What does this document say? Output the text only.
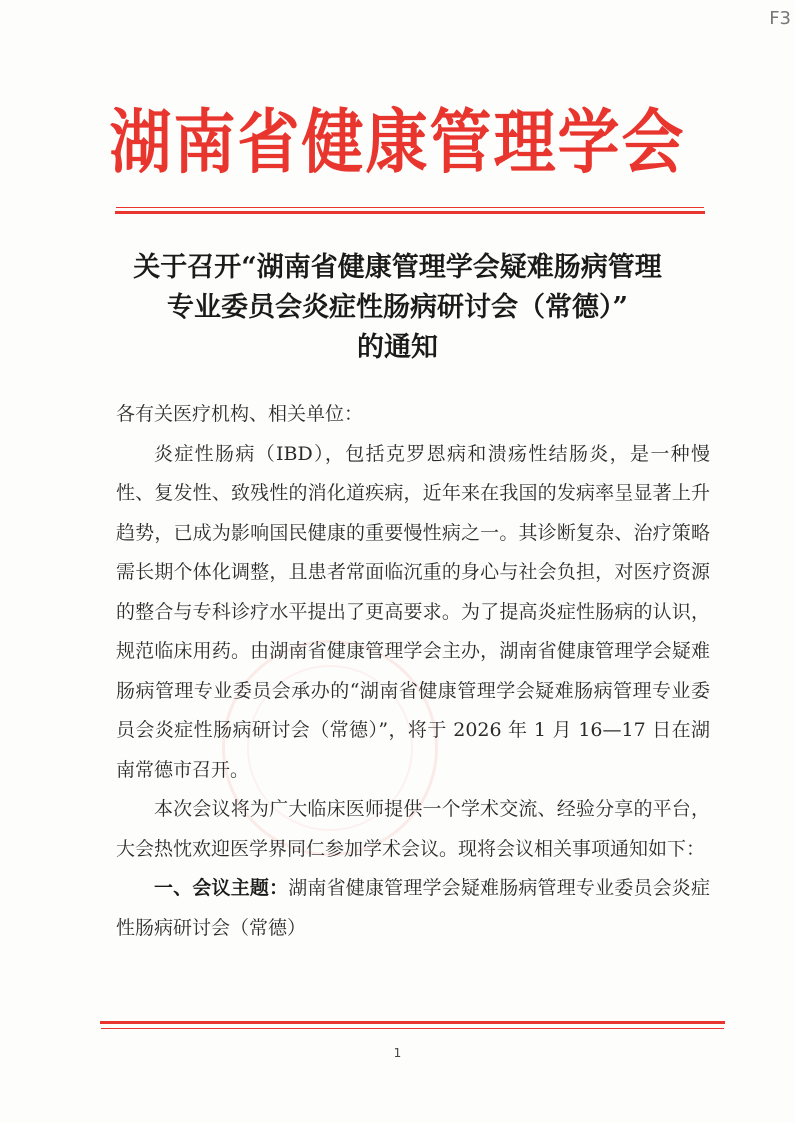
F3
湖南省健康管理学会
关于召开“湖南省健康管理学会疑难肠病管理
专业委员会炎症性肠病研讨会（常德）”
的通知

各有关医疗机构、相关单位：

炎症性肠病（IBD），包括克罗恩病和溃疡性结肠炎，是一种慢性、复发性、致残性的消化道疾病，近年来在我国的发病率呈显著上升趋势，已成为影响国民健康的重要慢性病之一。其诊断复杂、治疗策略需长期个体化调整，且患者常面临沉重的身心与社会负担，对医疗资源的整合与专科诊疗水平提出了更高要求。为了提高炎症性肠病的认识，规范临床用药。由湖南省健康管理学会主办，湖南省健康管理学会疑难肠病管理专业委员会承办的“湖南省健康管理学会疑难肠病管理专业委员会炎症性肠病研讨会（常德）”，将于 2026 年 1 月 16—17 日在湖南常德市召开。

本次会议将为广大临床医师提供一个学术交流、经验分享的平台，大会热忱欢迎医学界同仁参加学术会议。现将会议相关事项通知如下：

一、会议主题：湖南省健康管理学会疑难肠病管理专业委员会炎症性肠病研讨会（常德）

1
